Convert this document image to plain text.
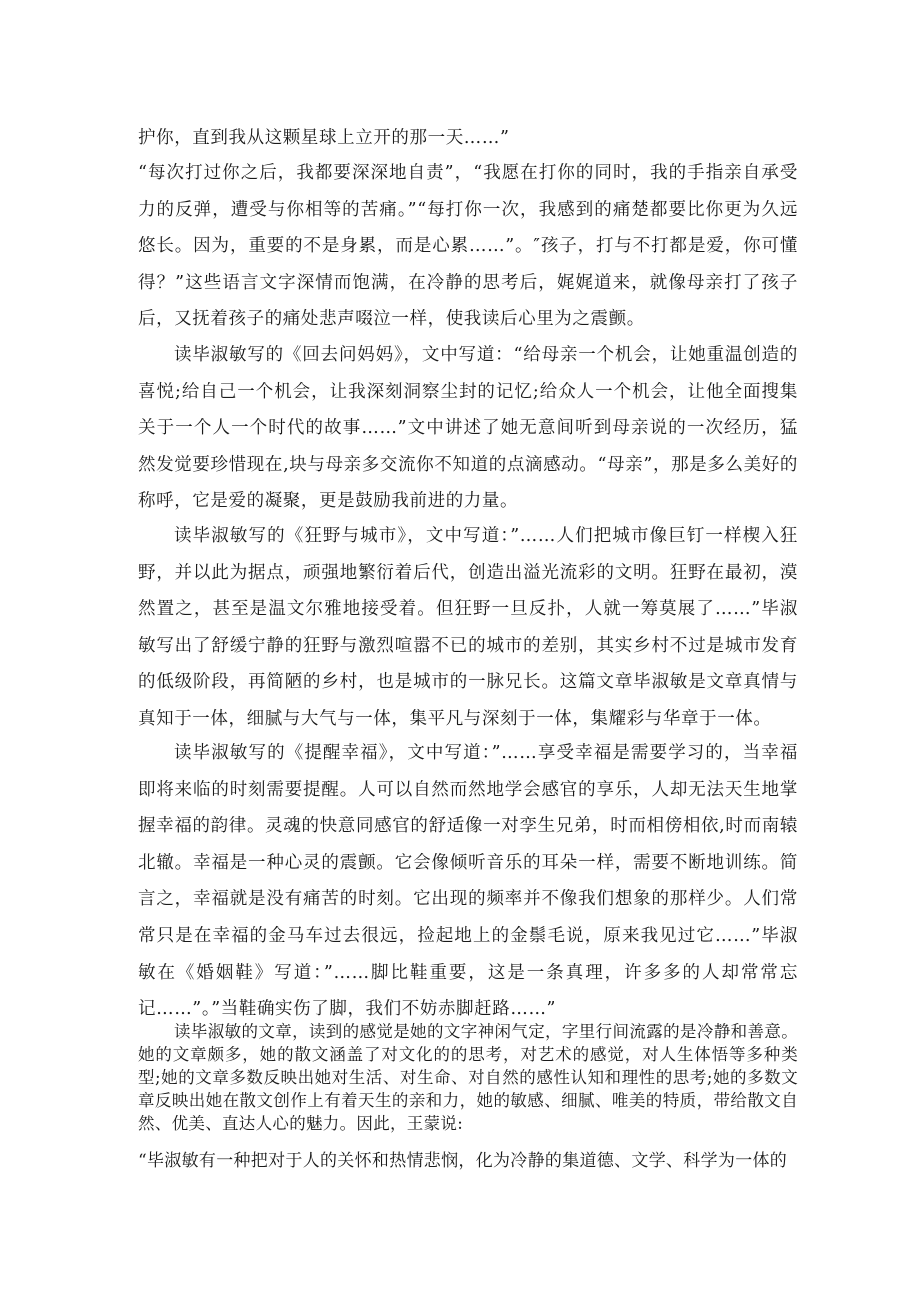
护你，直到我从这颗星球上立开的那一天……”

“每次打过你之后，我都要深深地自责”，“我愿在打你的同时，我的手指亲自承受力的反弹，遭受与你相等的苦痛。”“每打你一次，我感到的痛楚都要比你更为久远悠长。因为，重要的不是身累，而是心累……”。″孩子，打与不打都是爱，你可懂得？”这些语言文字深情而饱满，在冷静的思考后，娓娓道来，就像母亲打了孩子后，又抚着孩子的痛处悲声啜泣一样，使我读后心里为之震颤。

读毕淑敏写的《回去问妈妈》，文中写道：“给母亲一个机会，让她重温创造的喜悦;给自己一个机会，让我深刻洞察尘封的记忆;给众人一个机会，让他全面搜集关于一个人一个时代的故事……”文中讲述了她无意间听到母亲说的一次经历，猛然发觉要珍惜现在,块与母亲多交流你不知道的点滴感动。“母亲”，那是多么美好的称呼，它是爱的凝聚，更是鼓励我前进的力量。

读毕淑敏写的《狂野与城市》，文中写道：”……人们把城市像巨钉一样楔入狂野，并以此为据点，顽强地繁衍着后代，创造出溢光流彩的文明。狂野在最初，漠然置之，甚至是温文尔雅地接受着。但狂野一旦反扑，人就一筹莫展了……”毕淑敏写出了舒缓宁静的狂野与激烈喧嚣不已的城市的差别，其实乡村不过是城市发育的低级阶段，再简陋的乡村，也是城市的一脉兄长。这篇文章毕淑敏是文章真情与真知于一体，细腻与大气与一体，集平凡与深刻于一体，集耀彩与华章于一体。

读毕淑敏写的《提醒幸福》，文中写道：”……享受幸福是需要学习的，当幸福即将来临的时刻需要提醒。人可以自然而然地学会感官的享乐，人却无法天生地掌握幸福的韵律。灵魂的快意同感官的舒适像一对孪生兄弟，时而相傍相依,时而南辕北辙。幸福是一种心灵的震颤。它会像倾听音乐的耳朵一样，需要不断地训练。简言之，幸福就是没有痛苦的时刻。它出现的频率并不像我们想象的那样少。人们常常只是在幸福的金马车过去很远，捡起地上的金鬃毛说，原来我见过它……”毕淑敏在《婚姻鞋》写道：”……脚比鞋重要，这是一条真理，许多多的人却常常忘记……”。”当鞋确实伤了脚，我们不妨赤脚赶路……”

读毕淑敏的文章，读到的感觉是她的文字神闲气定，字里行间流露的是冷静和善意。她的文章颇多，她的散文涵盖了对文化的的思考，对艺术的感觉，对人生体悟等多种类型;她的文章多数反映出她对生活、对生命、对自然的感性认知和理性的思考;她的多数文章反映出她在散文创作上有着天生的亲和力，她的敏感、细腻、唯美的特质，带给散文自然、优美、直达人心的魅力。因此，王蒙说:

“毕淑敏有一种把对于人的关怀和热情悲悯，化为冷静的集道德、文学、科学为一体的
